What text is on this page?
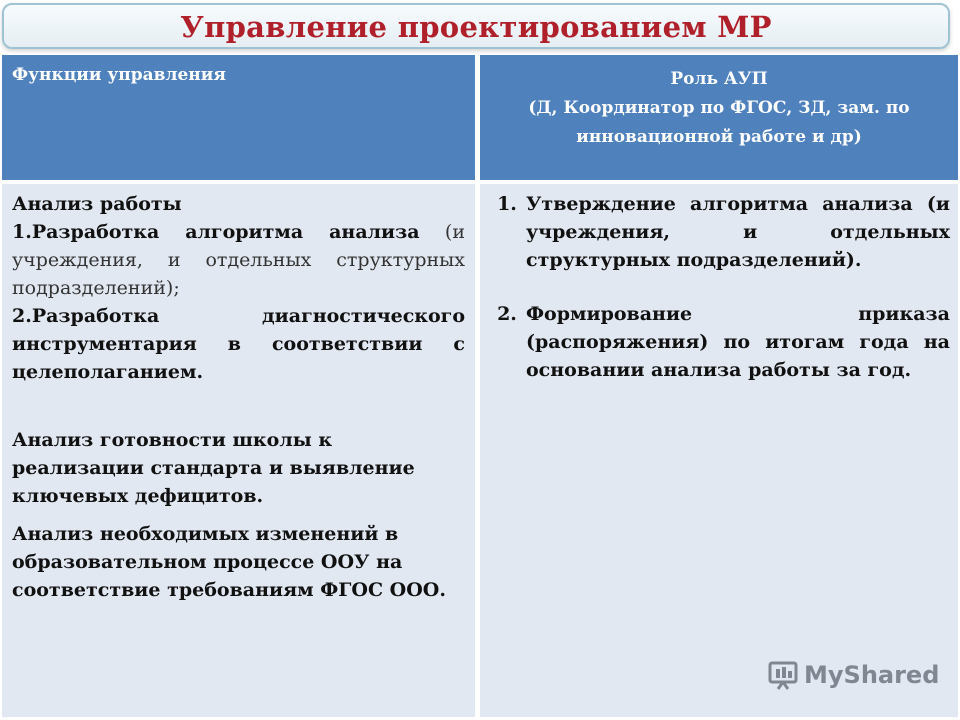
Управление проектированием МР
Функции управления	Роль АУП
(Д, Координатор по ФГОС, ЗД, зам. по
инновационной работе и др)

Анализ работы

1.Разработка алгоритма анализа (и учреждения, и отдельных структурных подразделений);

2.Разработка диагностического инструментария в соответствии с целеполаганием.

Анализ готовности школы к реализации стандарта и выявление ключевых дефицитов.

Анализ необходимых изменений в образовательном процессе ООУ на соответствие требованиям ФГОС ООО.

1. Утверждение алгоритма анализа (и учреждения, и отдельных структурных подразделений).
2. Формирование приказа (распоряжения) по итогам года на основании анализа работы за год.
MyShared
